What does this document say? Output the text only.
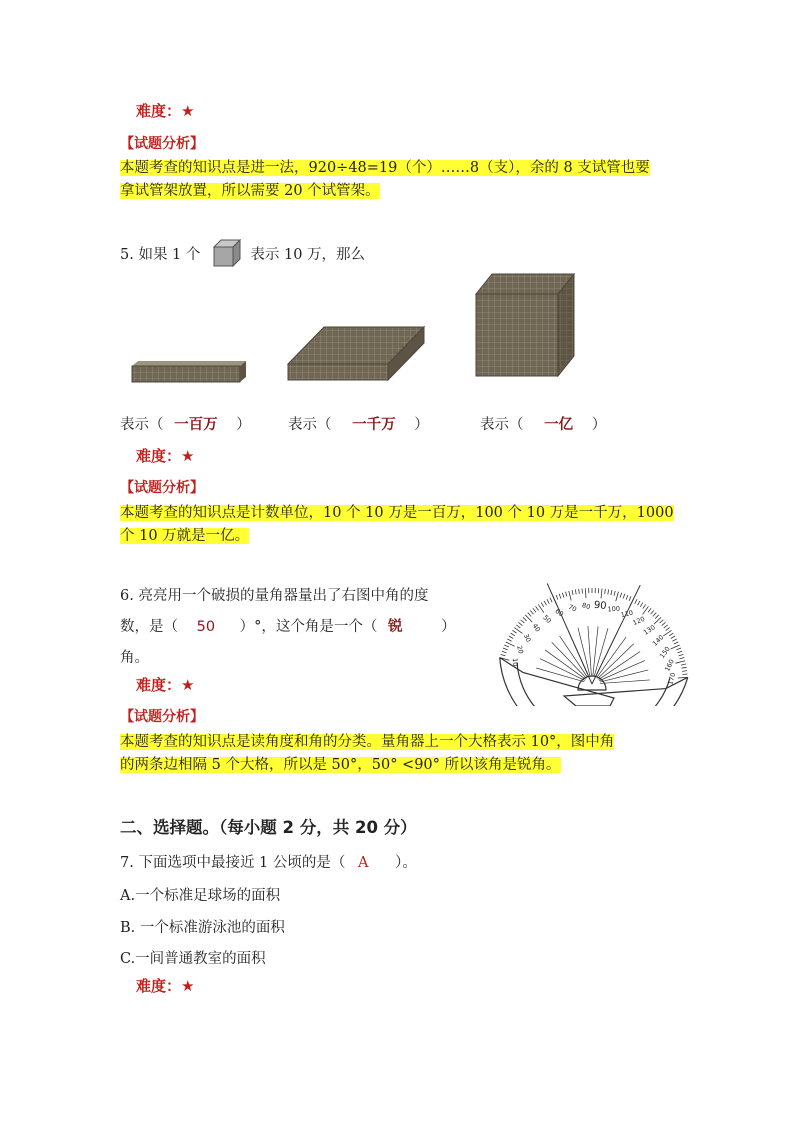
难度：★
【试题分析】
本题考查的知识点是进一法，920÷48=19（个）……8（支），余的 8 支试管也要
拿试管架放置，所以需要 20 个试管架。
5. 如果 1 个	表示 10 万，那么
表示（ 一百万 ）	表示（ 一千万 ）	表示（ 一亿 ）
难度：★
【试题分析】
本题考查的知识点是计数单位，10 个 10 万是一百万，100 个 10 万是一千万，1000
个 10 万就是一亿。
6. 亮亮用一个破损的量角器量出了右图中角的度
数，是（ 50 ）°，这个角是一个（ 锐	）
角。
90
80 100
70
110
60
120
50
130
40
140
30
150
20
160
10
170
难度：★
【试题分析】
本题考查的知识点是读角度和角的分类。量角器上一个大格表示 10°，图中角
的两条边相隔 5 个大格，所以是 50°，50° <90° 所以该角是锐角。
二、选择题。（每小题 2 分，共 20 分）
7. 下面选项中最接近 1 公顷的是（ A ）。
A.一个标准足球场的面积
B. 一个标准游泳池的面积
C.一间普通教室的面积
难度：★
